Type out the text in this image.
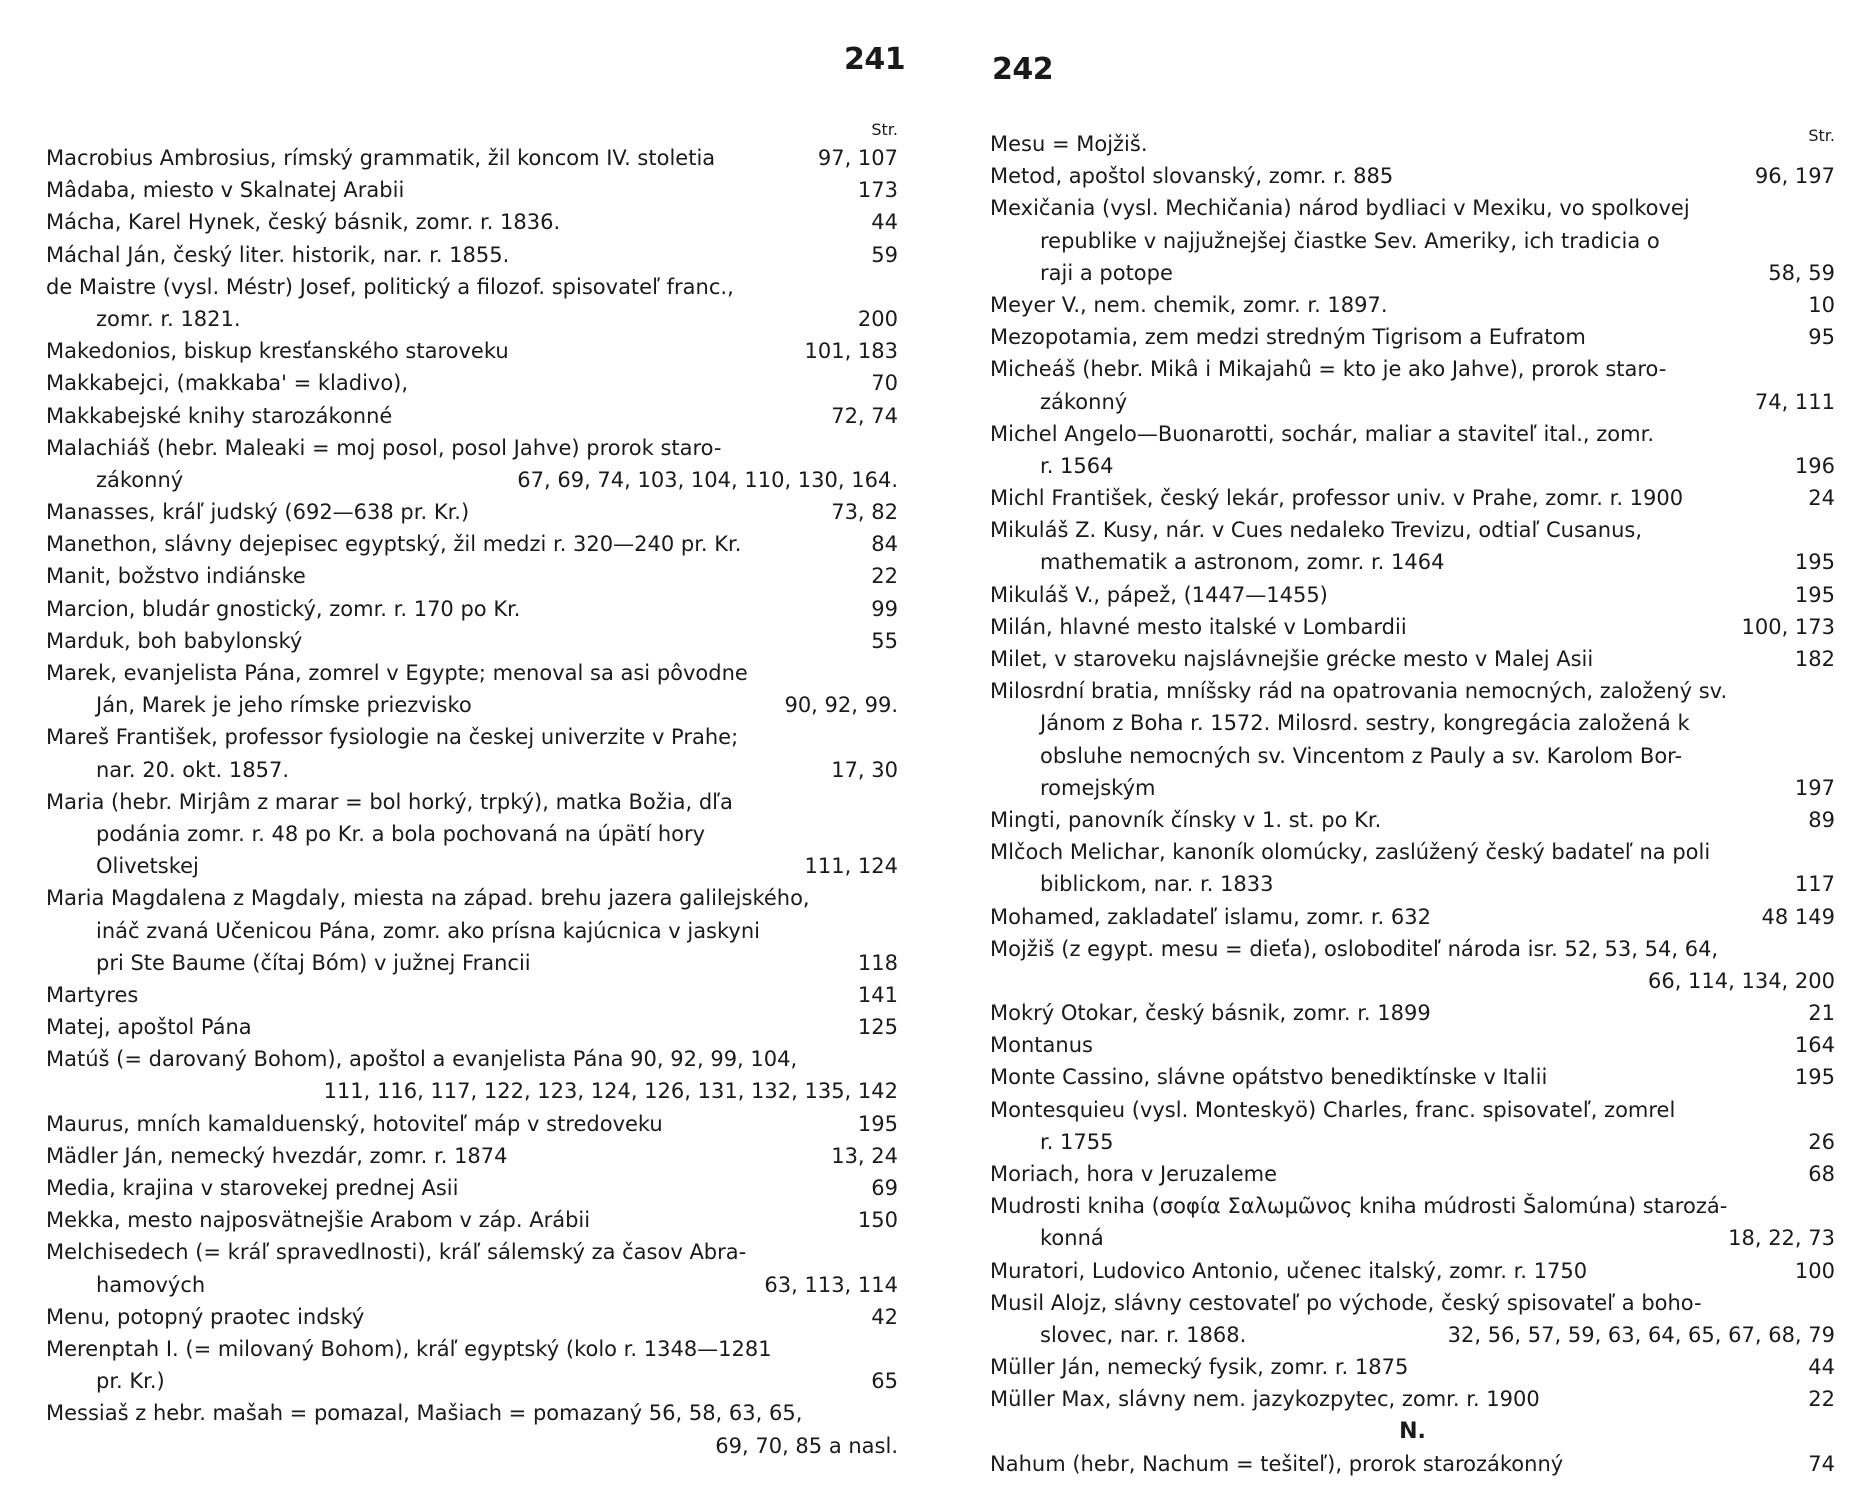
241
Str.
Macrobius Ambrosius, rímský grammatik, žil koncom IV. stoletia	97, 107
Mâdaba, miesto v Skalnatej Arabii	173
Mácha, Karel Hynek, český básnik, zomr. r. 1836.	44
Máchal Ján, český liter. historik, nar. r. 1855.	59
de Maistre (vysl. Méstr) Josef, politický a filozof. spisovateľ franc.,
zomr. r. 1821.	200
Makedonios, biskup kresťanského staroveku	101, 183
Makkabejci, (makkaba' = kladivo),	70
Makkabejské knihy starozákonné	72, 74
Malachiáš (hebr. Maleaki = moj posol, posol Jahve) prorok staro-
zákonný	67, 69, 74, 103, 104, 110, 130, 164.
Manasses, kráľ judský (692—638 pr. Kr.)	73, 82
Manethon, slávny dejepisec egyptský, žil medzi r. 320—240 pr. Kr.	84
Manit, božstvo indiánske	22
Marcion, bludár gnostický, zomr. r. 170 po Kr.	99
Marduk, boh babylonský	55
Marek, evanjelista Pána, zomrel v Egypte; menoval sa asi pôvodne
Ján, Marek je jeho rímske priezvisko	90, 92, 99.
Mareš František, professor fysiologie na českej univerzite v Prahe;
nar. 20. okt. 1857.	17, 30
Maria (hebr. Mirjâm z marar = bol horký, trpký), matka Božia, dľa
podánia zomr. r. 48 po Kr. a bola pochovaná na úpätí hory
Olivetskej	111, 124
Maria Magdalena z Magdaly, miesta na západ. brehu jazera galilejského,
ináč zvaná Učenicou Pána, zomr. ako prísna kajúcnica v jaskyni
pri Ste Baume (čítaj Bóm) v južnej Francii	118
Martyres	141
Matej, apoštol Pána	125
Matúš (= darovaný Bohom), apoštol a evanjelista Pána 90, 92, 99, 104,
111, 116, 117, 122, 123, 124, 126, 131, 132, 135, 142
Maurus, mních kamalduenský, hotoviteľ máp v stredoveku	195
Mädler Ján, nemecký hvezdár, zomr. r. 1874	13, 24
Media, krajina v starovekej prednej Asii	69
Mekka, mesto najposvätnejšie Arabom v záp. Arábii	150
Melchisedech (= kráľ spravedlnosti), kráľ sálemský za časov Abra-
hamových	63, 113, 114
Menu, potopný praotec indský	42
Merenptah I. (= milovaný Bohom), kráľ egyptský (kolo r. 1348—1281
pr. Kr.)	65
Messiaš z hebr. mašah = pomazal, Mašiach = pomazaný 56, 58, 63, 65,
69, 70, 85 a nasl.
242
Str.
Mesu = Mojžiš.
Metod, apoštol slovanský, zomr. r. 885	96, 197
Mexičania (vysl. Mechičania) národ bydliaci v Mexiku, vo spolkovej
republike v najjužnejšej čiastke Sev. Ameriky, ich tradicia o
raji a potope	58, 59
Meyer V., nem. chemik, zomr. r. 1897.	10
Mezopotamia, zem medzi stredným Tigrisom a Eufratom	95
Micheáš (hebr. Mikâ i Mikajahû = kto je ako Jahve), prorok staro-
zákonný	74, 111
Michel Angelo—Buonarotti, sochár, maliar a staviteľ ital., zomr.
r. 1564	196
Michl František, český lekár, professor univ. v Prahe, zomr. r. 1900	24
Mikuláš Z. Kusy, nár. v Cues nedaleko Trevizu, odtiaľ Cusanus,
mathematik a astronom, zomr. r. 1464	195
Mikuláš V., pápež, (1447—1455)	195
Milán, hlavné mesto italské v Lombardii	100, 173
Milet, v staroveku najslávnejšie grécke mesto v Malej Asii	182
Milosrdní bratia, mníšsky rád na opatrovania nemocných, založený sv.
Jánom z Boha r. 1572. Milosrd. sestry, kongregácia založená k
obsluhe nemocných sv. Vincentom z Pauly a sv. Karolom Bor-
romejským	197
Mingti, panovník čínsky v 1. st. po Kr.	89
Mlčoch Melichar, kanoník olomúcky, zaslúžený český badateľ na poli
biblickom, nar. r. 1833	117
Mohamed, zakladateľ islamu, zomr. r. 632	48 149
Mojžiš (z egypt. mesu = dieťa), osloboditeľ národa isr. 52, 53, 54, 64,
66, 114, 134, 200
Mokrý Otokar, český básnik, zomr. r. 1899	21
Montanus	164
Monte Cassino, slávne opátstvo benediktínske v Italii	195
Montesquieu (vysl. Monteskyö) Charles, franc. spisovateľ, zomrel
r. 1755	26
Moriach, hora v Jeruzaleme	68
Mudrosti kniha (σοφία Σαλωμῶνος kniha múdrosti Šalomúna) starozá-
konná	18, 22, 73
Muratori, Ludovico Antonio, učenec italský, zomr. r. 1750	100
Musil Alojz, slávny cestovateľ po východe, český spisovateľ a boho-
slovec, nar. r. 1868.	32, 56, 57, 59, 63, 64, 65, 67, 68, 79
Müller Ján, nemecký fysik, zomr. r. 1875	44
Müller Max, slávny nem. jazykozpytec, zomr. r. 1900	22
N.
Nahum (hebr, Nachum = tešiteľ), prorok starozákonný	74
